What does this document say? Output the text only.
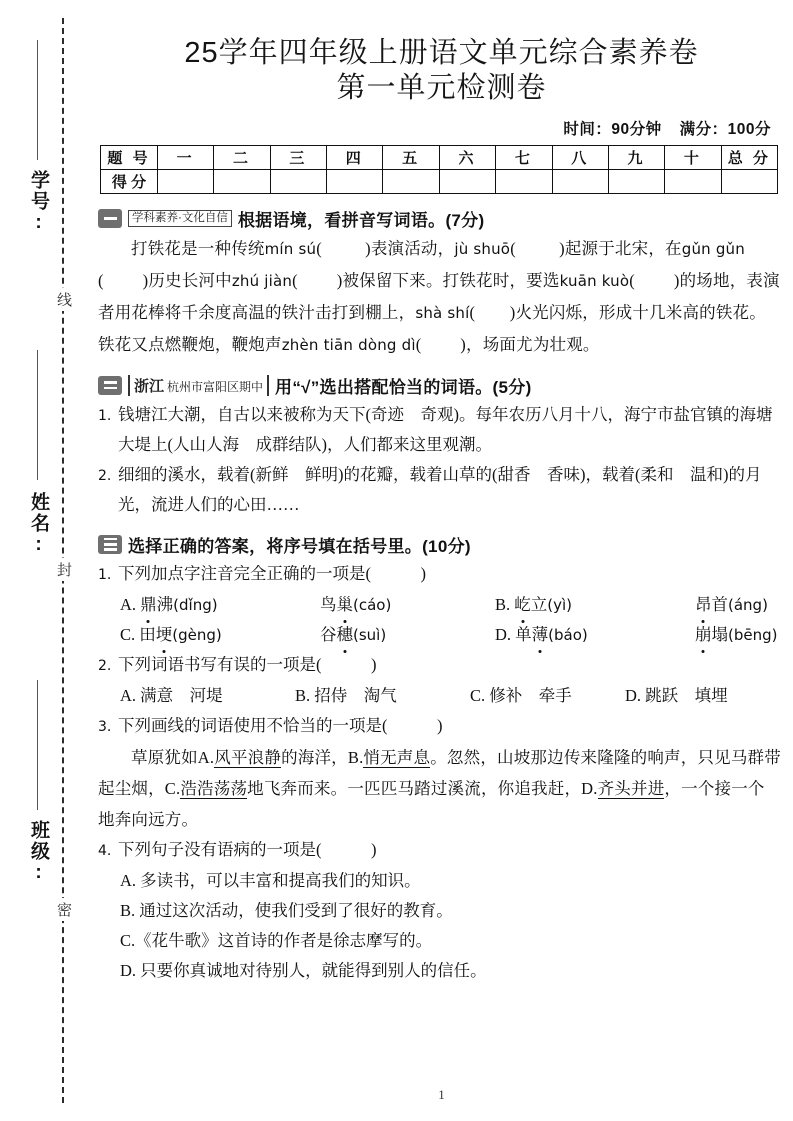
学号:
线
姓名:
封
班级:
密
25学年四年级上册语文单元综合素养卷
第一单元检测卷
时间：90分钟 满分：100分
题 号	一	二	三	四	五	六	七	八	九	十	总 分
得 分											
学科素养·文化自信 根据语境，看拼音写词语。(7分)
打铁花是一种传统mín sú(          )表演活动，jù shuō(          )起源于北宋，在gǔn gǔn(         )历史长河中zhú jiàn(         )被保留下来。打铁花时，要选kuān kuò(         )的场地，表演者用花棒将千余度高温的铁汁击打到棚上，shà shí(        )火光闪烁，形成十几米高的铁花。铁花又点燃鞭炮，鞭炮声zhèn tiān dòng dì(         )，场面尤为壮观。
浙江 杭州市富阳区期中 用“√”选出搭配恰当的词语。(5分)
1. 钱塘江大潮，自古以来被称为天下(奇迹　奇观)。每年农历八月十八，海宁市盐官镇的海塘大堤上(人山人海　成群结队)，人们都来这里观潮。
2. 细细的溪水，载着(新鲜　鲜明)的花瓣，载着山草的(甜香　香味)，载着(柔和　温和)的月光，流进人们的心田……
选择正确的答案，将序号填在括号里。(10分)
1. 下列加点字注音完全正确的一项是(　　　)
A. 鼎沸(dǐng)	鸟巢(cáo)	B. 屹立(yì)	昂首(áng)
C. 田埂(gèng)	谷穗(suì)	D. 单薄(báo)	崩塌(bēng)
2. 下列词语书写有误的一项是(　　　)
A. 满意　河堤	B. 招侍　淘气	C. 修补　牵手	D. 跳跃　填埋
3. 下列画线的词语使用不恰当的一项是(　　　)
草原犹如A.风平浪静的海洋，B.悄无声息。忽然，山坡那边传来隆隆的响声，只见马群带起尘烟，C.浩浩荡荡地飞奔而来。一匹匹马踏过溪流，你追我赶，D.齐头并进，一个接一个地奔向远方。
4. 下列句子没有语病的一项是(　　　)
A. 多读书，可以丰富和提高我们的知识。
B. 通过这次活动，使我们受到了很好的教育。
C.《花牛歌》这首诗的作者是徐志摩写的。
D. 只要你真诚地对待别人，就能得到别人的信任。
1
